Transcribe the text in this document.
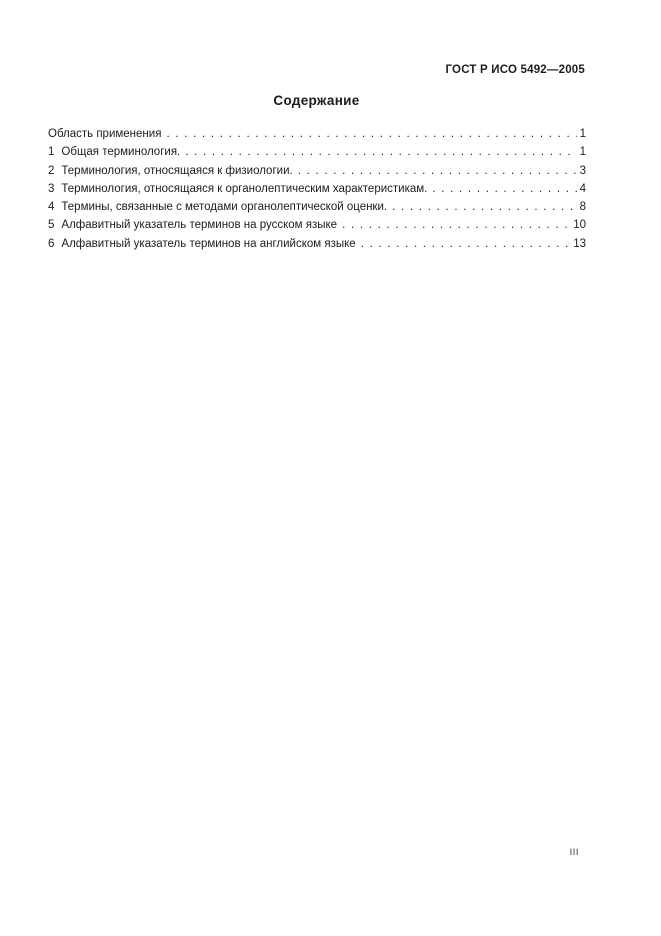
ГОСТ Р ИСО 5492—2005
Содержание
Область применения . . .	1
1 Общая терминология. . . .	1
2 Терминология, относящаяся к физиологии. . . .	3
3 Терминология, относящаяся к органолептическим характеристикам. . . .	4
4 Термины, связанные с методами органолептической оценки. . . .	8
5 Алфавитный указатель терминов на русском языке . . .	10
6 Алфавитный указатель терминов на английском языке . . .	13
III
